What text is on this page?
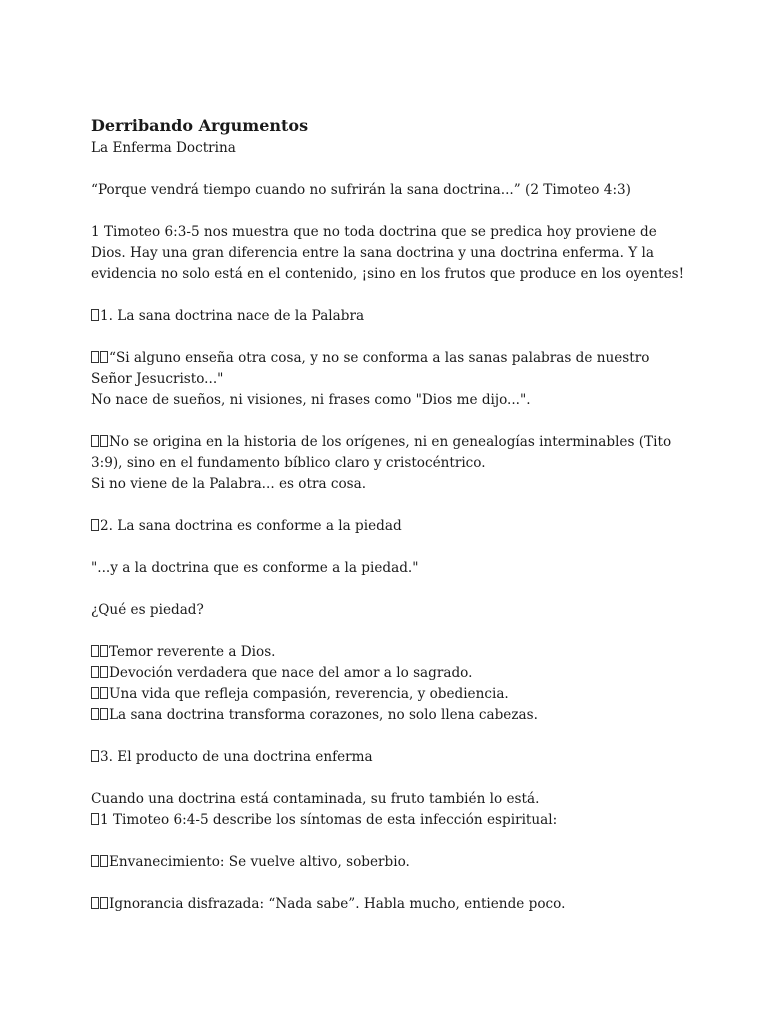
Derribando Argumentos

La Enferma Doctrina

“Porque vendrá tiempo cuando no sufrirán la sana doctrina...” (2 Timoteo 4:3)

1 Timoteo 6:3-5 nos muestra que no toda doctrina que se predica hoy proviene de Dios. Hay una gran diferencia entre la sana doctrina y una doctrina enferma. Y la evidencia no solo está en el contenido, ¡sino en los frutos que produce en los oyentes!

1. La sana doctrina nace de la Palabra

“Si alguno enseña otra cosa, y no se conforma a las sanas palabras de nuestro Señor Jesucristo..."
No nace de sueños, ni visiones, ni frases como "Dios me dijo...".

No se origina en la historia de los orígenes, ni en genealogías interminables (Tito 3:9), sino en el fundamento bíblico claro y cristocéntrico.
Si no viene de la Palabra... es otra cosa.

2. La sana doctrina es conforme a la piedad

"...y a la doctrina que es conforme a la piedad."

¿Qué es piedad?

Temor reverente a Dios.
Devoción verdadera que nace del amor a lo sagrado.
Una vida que refleja compasión, reverencia, y obediencia.
La sana doctrina transforma corazones, no solo llena cabezas.

3. El producto de una doctrina enferma

Cuando una doctrina está contaminada, su fruto también lo está.
1 Timoteo 6:4-5 describe los síntomas de esta infección espiritual:

Envanecimiento: Se vuelve altivo, soberbio.

Ignorancia disfrazada: “Nada sabe”. Habla mucho, entiende poco.
